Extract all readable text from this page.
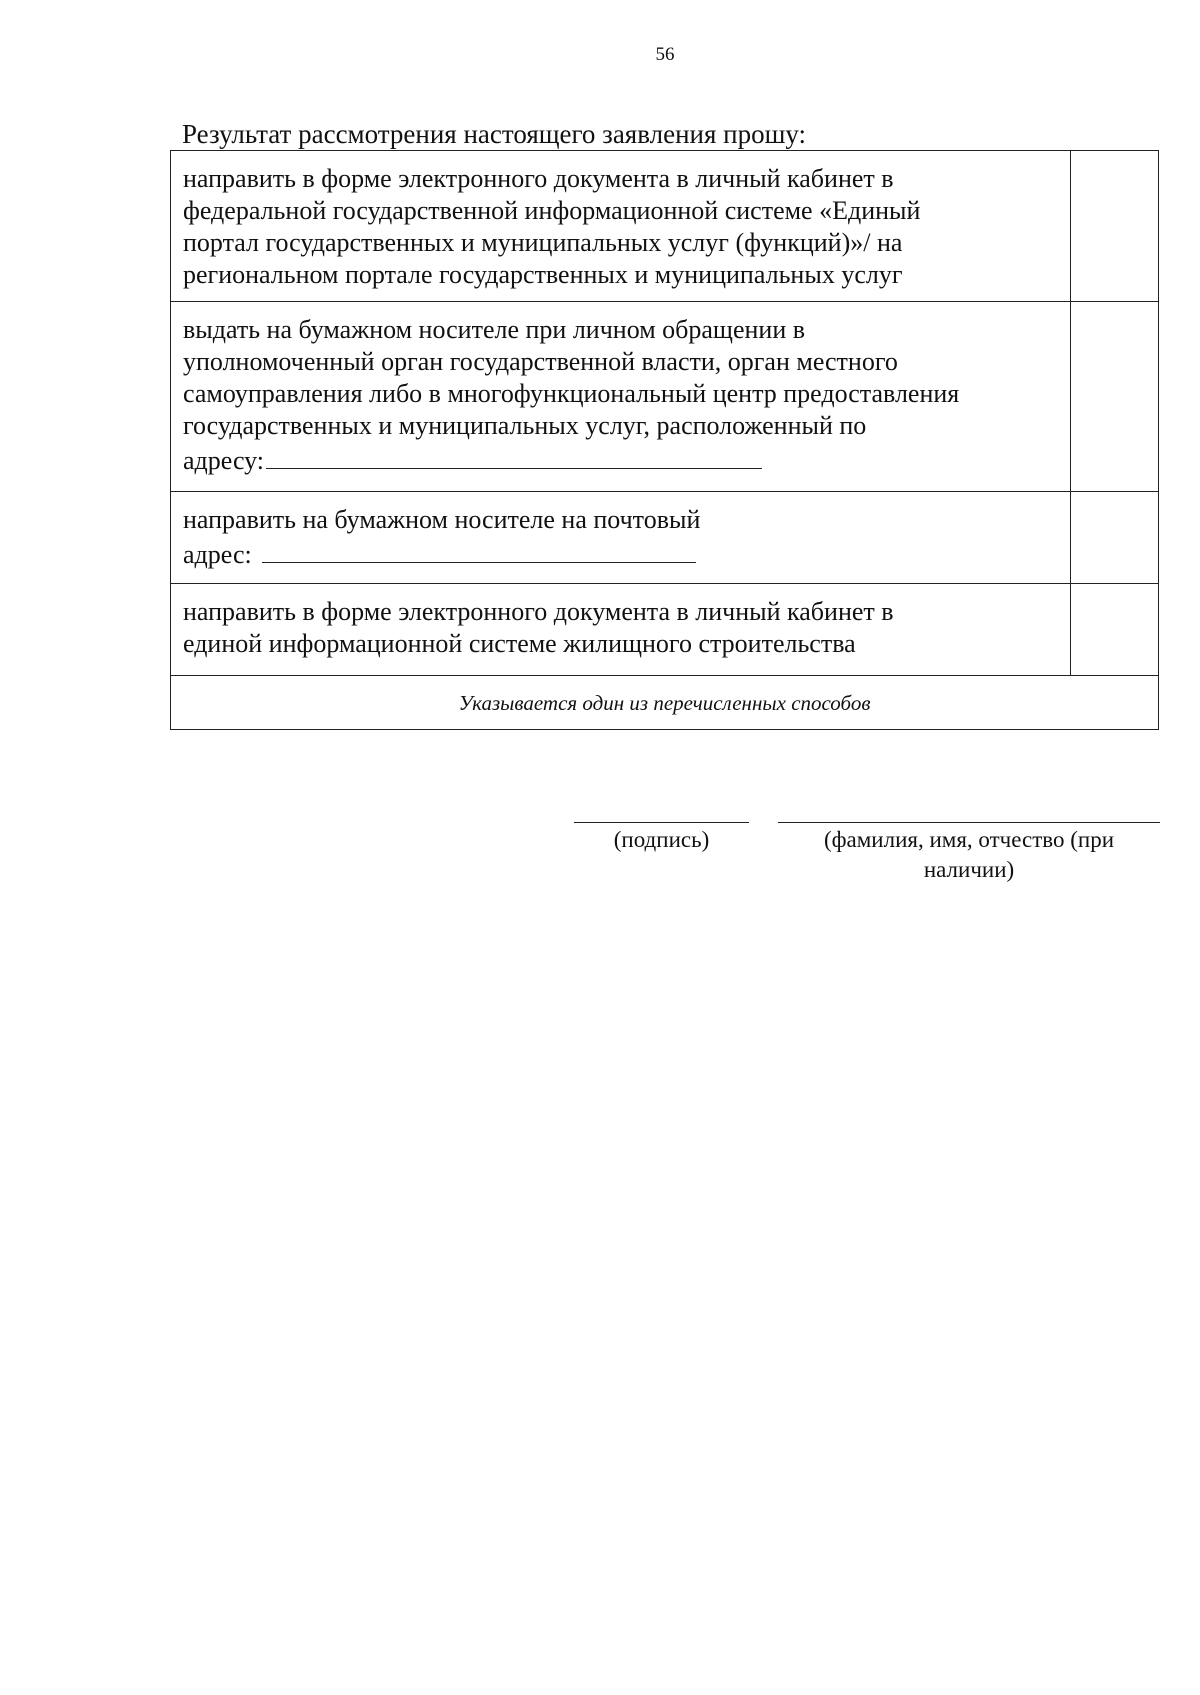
56
Результат рассмотрения настоящего заявления прошу:
направить в форме электронного документа в личный кабинет в
федеральной государственной информационной системе «Единый
портал государственных и муниципальных услуг (функций)»/ на
региональном портале государственных и муниципальных услуг	

выдать на бумажном носителе при личном обращении в
уполномоченный орган государственной власти, орган местного
самоуправления либо в многофункциональный центр предоставления
государственных и муниципальных услуг, расположенный по
адресу:	

направить на бумажном носителе на почтовый
адрес:	

направить в форме электронного документа в личный кабинет в
единой информационной системе жилищного строительства	

Указывается один из перечисленных способов	
(подпись)	(фамилия, имя, отчество (при
наличии)
